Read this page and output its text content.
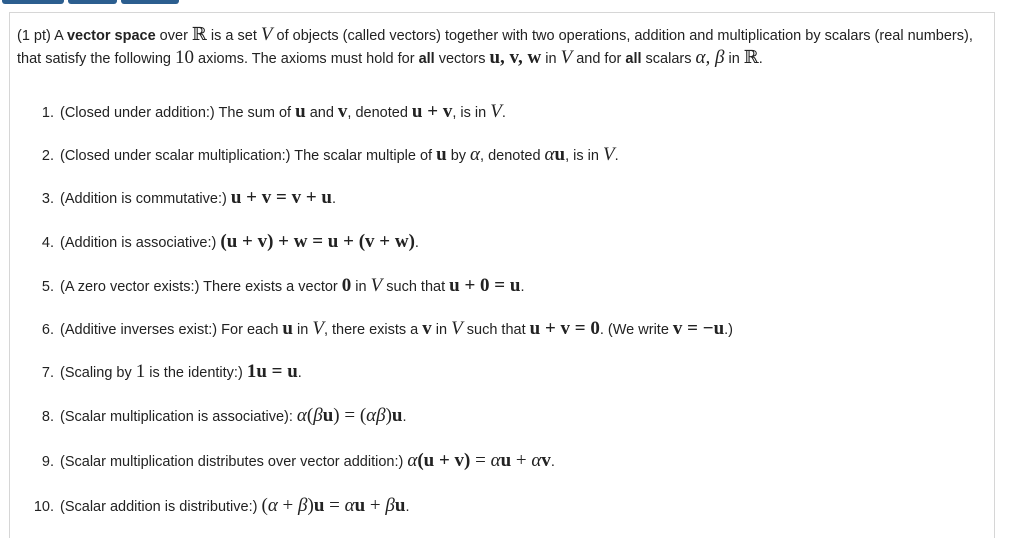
(1 pt) A vector space over ℝ is a set V of objects (called vectors) together with two operations, addition and multiplication by scalars (real numbers), that satisfy the following 10 axioms. The axioms must hold for all vectors u, v, w in V and for all scalars α, β in ℝ.

1. (Closed under addition:) The sum of u and v, denoted u + v, is in V.
2. (Closed under scalar multiplication:) The scalar multiple of u by α, denoted αu, is in V.
3. (Addition is commutative:) u + v = v + u.
4. (Addition is associative:) (u + v) + w = u + (v + w).
5. (A zero vector exists:) There exists a vector 0 in V such that u + 0 = u.
6. (Additive inverses exist:) For each u in V, there exists a v in V such that u + v = 0. (We write v = −u.)
7. (Scaling by 1 is the identity:) 1u = u.
8. (Scalar multiplication is associative): α(βu) = (αβ)u.
9. (Scalar multiplication distributes over vector addition:) α(u + v) = αu + αv.
10. (Scalar addition is distributive:) (α + β)u = αu + βu.
